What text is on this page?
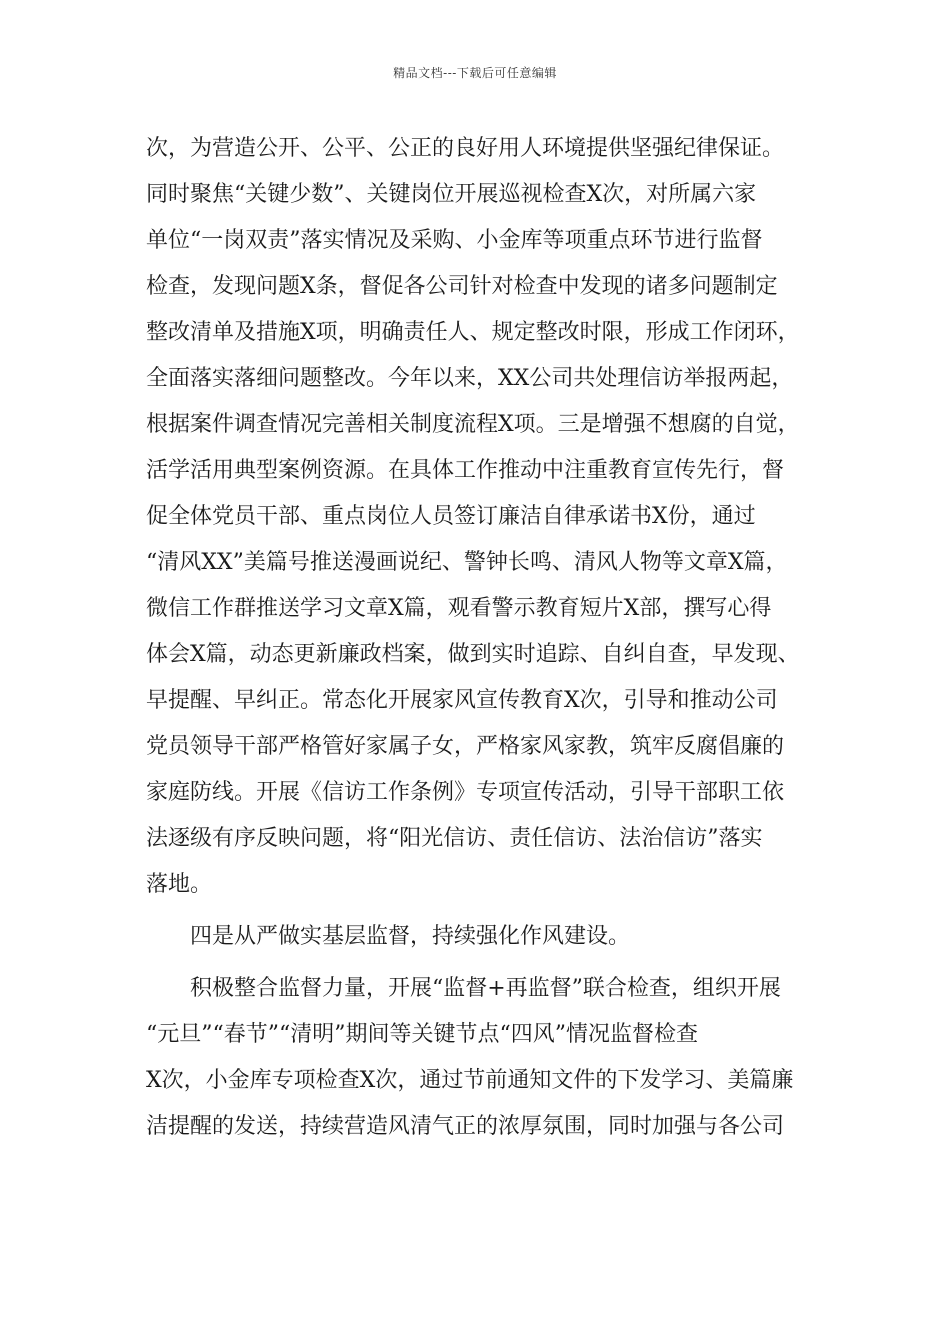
精品文档---下载后可任意编辑
次，为营造公开、公平、公正的良好用人环境提供坚强纪律保证。
同时聚焦“关键少数”、关键岗位开展巡视检查X次，对所属六家
单位“一岗双责”落实情况及采购、小金库等项重点环节进行监督
检查，发现问题X条，督促各公司针对检查中发现的诸多问题制定
整改清单及措施X项，明确责任人、规定整改时限，形成工作闭环，
全面落实落细问题整改。今年以来，XX公司共处理信访举报两起，
根据案件调查情况完善相关制度流程X项。三是增强不想腐的自觉，
活学活用典型案例资源。在具体工作推动中注重教育宣传先行，督
促全体党员干部、重点岗位人员签订廉洁自律承诺书X份，通过
“清风XX”美篇号推送漫画说纪、警钟长鸣、清风人物等文章X篇，
微信工作群推送学习文章X篇，观看警示教育短片X部，撰写心得
体会X篇，动态更新廉政档案，做到实时追踪、自纠自查，早发现、
早提醒、早纠正。常态化开展家风宣传教育X次，引导和推动公司
党员领导干部严格管好家属子女，严格家风家教，筑牢反腐倡廉的
家庭防线。开展《信访工作条例》专项宣传活动，引导干部职工依
法逐级有序反映问题，将“阳光信访、责任信访、法治信访”落实
落地。
四是从严做实基层监督，持续强化作风建设。
积极整合监督力量，开展“监督+再监督”联合检查，组织开展
“元旦”“春节”“清明”期间等关键节点“四风”情况监督检查
X次，小金库专项检查X次，通过节前通知文件的下发学习、美篇廉
洁提醒的发送，持续营造风清气正的浓厚氛围，同时加强与各公司
